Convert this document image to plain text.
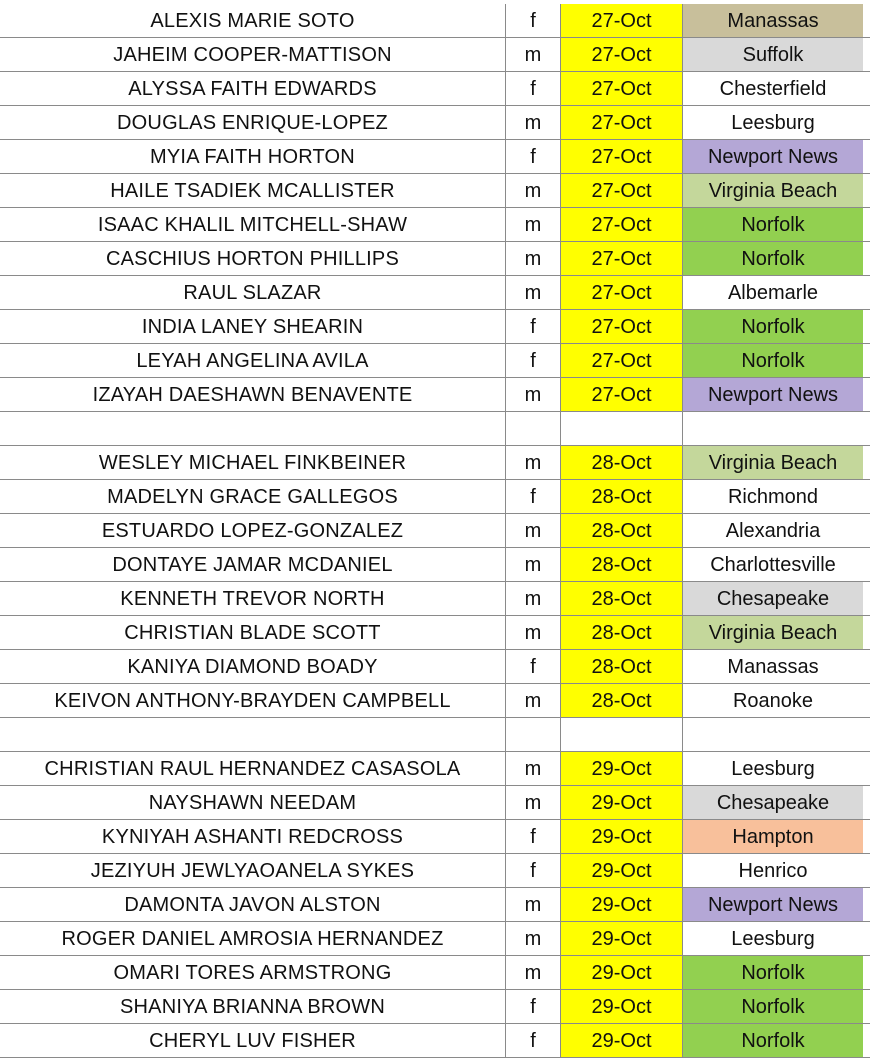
ALEXIS MARIE SOTO	f	27-Oct	Manassas
JAHEIM COOPER-MATTISON	m	27-Oct	Suffolk
ALYSSA FAITH EDWARDS	f	27-Oct	Chesterfield
DOUGLAS ENRIQUE-LOPEZ	m	27-Oct	Leesburg
MYIA FAITH HORTON	f	27-Oct	Newport News
HAILE TSADIEK MCALLISTER	m	27-Oct	Virginia Beach
ISAAC KHALIL MITCHELL-SHAW	m	27-Oct	Norfolk
CASCHIUS HORTON PHILLIPS	m	27-Oct	Norfolk
RAUL SLAZAR	m	27-Oct	Albemarle
INDIA LANEY SHEARIN	f	27-Oct	Norfolk
LEYAH ANGELINA AVILA	f	27-Oct	Norfolk
IZAYAH DAESHAWN BENAVENTE	m	27-Oct	Newport News
WESLEY MICHAEL FINKBEINER	m	28-Oct	Virginia Beach
MADELYN GRACE GALLEGOS	f	28-Oct	Richmond
ESTUARDO LOPEZ-GONZALEZ	m	28-Oct	Alexandria
DONTAYE JAMAR MCDANIEL	m	28-Oct	Charlottesville
KENNETH TREVOR NORTH	m	28-Oct	Chesapeake
CHRISTIAN BLADE SCOTT	m	28-Oct	Virginia Beach
KANIYA DIAMOND BOADY	f	28-Oct	Manassas
KEIVON ANTHONY-BRAYDEN CAMPBELL	m	28-Oct	Roanoke
CHRISTIAN RAUL HERNANDEZ CASASOLA	m	29-Oct	Leesburg
NAYSHAWN NEEDAM	m	29-Oct	Chesapeake
KYNIYAH ASHANTI REDCROSS	f	29-Oct	Hampton
JEZIYUH JEWLYAOANELA SYKES	f	29-Oct	Henrico
DAMONTA JAVON ALSTON	m	29-Oct	Newport News
ROGER DANIEL AMROSIA HERNANDEZ	m	29-Oct	Leesburg
OMARI TORES ARMSTRONG	m	29-Oct	Norfolk
SHANIYA BRIANNA BROWN	f	29-Oct	Norfolk
CHERYL LUV FISHER	f	29-Oct	Norfolk
